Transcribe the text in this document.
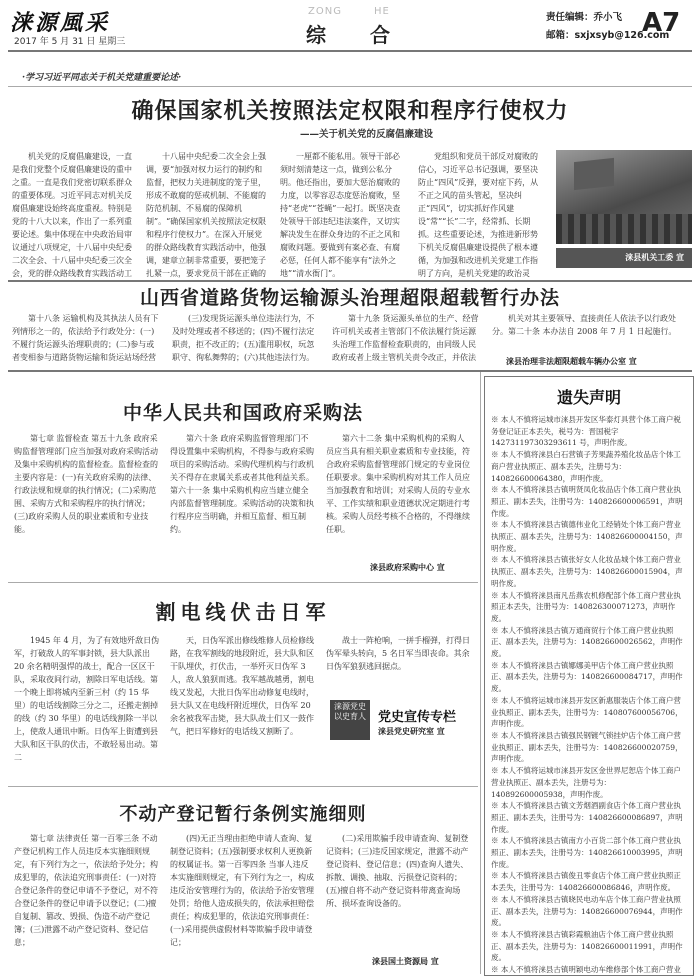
涞源風采
2017 年 5 月 31 日 星期三
ZONG	HE
综 合
责任编辑：乔小飞
邮箱：sxjxsyb@126.com
A7
·学习习近平同志关于机关党建重要论述·
确保国家机关按照法定权限和程序行使权力
——关于机关党的反腐倡廉建设

机关党的反腐倡廉建设，一直是我们党整个反腐倡廉建设的重中之重。一直是我们党密切联系群众的重要体现。习近平同志对机关反腐倡廉建设始终高度重视。特别是党的十八大以来，作出了一系列重要论述。集中体现在中央政治局审议通过八项规定，十八届中央纪委二次全会、十八届中央纪委三次全会，党的群众路线教育实践活动工

十八届中央纪委二次全会上强调，要“加强对权力运行的制约和监督，把权力关进制度的笼子里，形成不敢腐的惩戒机制、不能腐的防范机制、不易腐的保障机制”。“确保国家机关按照法定权限和程序行使权力”。在深入开展党的群众路线教育实践活动中，他强调，建章立制非常重要，要把笼子扎紧一点，要求党员干部在正确的

一厘都不能私用。领导干部必须时刻清楚这一点，做到公私分明。他还指出，要加大惩治腐败的力度，以零容忍态度惩治腐败，坚持“老虎”“苍蝇”一起打。既坚决查处领导干部违纪违法案件，又切实解决发生在群众身边的不正之风和腐败问题。要做到有案必查、有腐必惩，任何人都不能享有“法外之地”“清水衙门”。

党组织和党员干部反对腐败的信心，习近平总书记强调，要坚决防止“四风”反弹，要对症下药，从不正之风的苗头管起，坚决纠正“四风”，切实抓好作风建设“常”“长”二字，经常抓、长期抓。这些重要论述，为推进新形势下机关反腐倡廉建设提供了根本遵循，为加强和改进机关党建工作指明了方向，是机关党建的政治灵

涞县机关工委 宣
山西省道路货物运输源头治理超限超载暂行办法

第十八条 运输机构及其执法人员有下列情形之一的，依法给予行政处分：(一)不履行货运源头治理职责的；(二)参与或者变相参与道路货物运输和货运站场经营

(三)发现货运源头单位违法行为，不及时处理或者不移送的；(四)不履行法定职责，拒不改正的；(五)滥用职权，玩忽职守、徇私舞弊的；(六)其他违法行为。

第十九条 货运源头单位的生产、经营许可机关或者主管部门不依法履行货运源头治理工作监督检查职责的，由同级人民政府或者上级主管机关责令改正，并依法

机关对其主要领导、直接责任人依法予以行政处分。第二十条 本办法自 2008 年 7 月 1 日起施行。

涞县治理非法超限超载车辆办公室 宣
遗失声明

※ 本人不慎将运城市涞县开发区华泰灯具营个体工商户税务登记证正本丢失，税号为：晋国税字 142731197303293611 号，声明作废。

※ 本人不慎将涞县白石营镇子芳果蔬养殖化妆品店个体工商户营业执照正、副本丢失，注册号为：140826600064380，声明作废。

※ 本人不慎将涞县古镇明贤凤化妆品店个体工商户营业执照正、副本丢失，注册号为：140826600006591，声明作废。

※ 本人不慎将涞县古镇德伟业化工经销处个体工商户营业执照正、副本丢失，注册号为：140826600004150，声明作废。

※ 本人不慎将涞县古镇张好女人化妆品城个体工商户营业执照正、副本丢失，注册号为：140826600015904，声明作废。

※ 本人不慎将涞县南凡岳燕农机修配部个体工商户营业执照正本丢失，注册号为：140826300071273，声明作废。

※ 本人不慎将涞县古镇万通商贸行个体工商户营业执照正、副本丢失，注册号为：140826600026562，声明作废。

※ 本人不慎将涞县古镇娜娜美甲店个体工商户营业执照正、副本丢失，注册号为：140826600084717，声明作废。

※ 本人不慎将运城市涞县开发区新惠服装店个体工商户营业执照正、副本丢失，注册号为：140807600056706，声明作废。

※ 本人不慎将涞县古镇强民钢镀气锁挂炉店个体工商户营业执照正、副本丢失，注册号为：140826600020759，声明作废。

※ 本人不慎将运城市涞县开发区金世界尼恕店个体工商户营业执照正、副本丢失，注册号为：140892600005938，声明作废。

※ 本人不慎将涞县古镇文芳烟酒副食店个体工商户营业执照正、副本丢失，注册号为：140826600086897，声明作废。

※ 本人不慎将涞县古镇南方小百货二部个体工商户营业执照正、副本丢失，注册号为：140826610003995，声明作废。

※ 本人不慎将涞县古镇俊丑零食店个体工商户营业执照正本丢失，注册号为：140826600086846，声明作废。

※ 本人不慎将涞县古镇晓民电动车店个体工商户营业执照正、副本丢失，注册号为：140826600076944，声明作废。

※ 本人不慎将涞县古镇彩霞粮油店个体工商户营业执照正、副本丢失，注册号为：140826600011991，声明作废。

※ 本人不慎将涞县古镇明颖电动车维修部个体工商户营业

中华人民共和国政府采购法

第七章 监督检查 第五十九条 政府采购监督管理部门应当加强对政府采购活动及集中采购机构的监督检查。监督检查的主要内容是：(一)有关政府采购的法律、行政法规和规章的执行情况；(二)采购范围、采购方式和采购程序的执行情况；(三)政府采购人员的职业素质和专业技能。

第六十条 政府采购监督管理部门不得设置集中采购机构，不得参与政府采购项目的采购活动。采购代理机构与行政机关不得存在隶属关系或者其他利益关系。第六十一条 集中采购机构应当建立健全内部监督管理制度。采购活动的决策和执行程序应当明确，并相互监督、相互制约。

第六十二条 集中采购机构的采购人员应当具有相关职业素质和专业技能，符合政府采购监督管理部门规定的专业岗位任职要求。集中采购机构对其工作人员应当加强教育和培训；对采购人员的专业水平、工作实绩和职业道德状况定期进行考核。采购人员经考核不合格的，不得继续任职。

涞县政府采购中心 宣
割电线伏击日军

1945 年 4 月，为了有效地歼敌日伪军，打破敌人的军事封锁，县大队派出 20 余名精明强悍的战士，配合一区区干队，采取夜间行动，割除日军电话线。第一个晚上即将城内至新三村（约 15 华里）的电话线割除三分之二，还搬走割掉的线（约 30 华里）的电话线割除一半以上，使敌人通讯中断。日伪军上街遭到县大队和区干队的伏击，不敢轻易出动。第二

天，日伪军派出修线维修人员检修线路，在我军割线的地段附近，县大队和区干队埋伏，打伏击，一举歼灭日伪军 3 人，敌人狼狈而逃。我军越战越勇，割电线又发起，大批日伪军出动修复电线时，县大队又在电线杆附近埋伏，日伪军 20 余名被我军击毙，县大队战士们又一鼓作气，把日军修好的电话线又割断了。

战士一阵枪响，一拼手榴弹，打得日伪军晕头转向，5 名日军当即丧命。其余日伪军狼狈逃回据点。

涞源党史 以史育人 党史宣传专栏
涞县党史研究室 宣
不动产登记暂行条例实施细则

第七章 法律责任 第一百零三条 不动产登记机构工作人员违反本实施细则规定，有下列行为之一，依法给予处分；构成犯罪的，依法追究刑事责任：(一)对符合登记条件的登记申请不予登记，对不符合登记条件的登记申请予以登记；(二)擅自复制、篡改、毁损、伪造不动产登记簿；(三)泄露不动产登记资料、登记信息；

(四)无正当理由拒绝申请人查询、复制登记资料；(五)强制要求权利人更换新的权属证书。第一百零四条 当事人违反本实施细则规定，有下列行为之一，构成违反治安管理行为的，依法给予治安管理处罚；给他人造成损失的，依法承担赔偿责任；构成犯罪的，依法追究刑事责任：(一)采用提供虚假材料等欺骗手段申请登记；

(二)采用欺骗手段申请查询、复制登记资料；(三)违反国家规定，泄露不动产登记资料、登记信息；(四)查询人遗失、拆散、调换、抽取、污损登记资料的；(五)擅自将不动产登记资料带离查询场所、损坏查询设备的。

涞县国土资源局 宣
